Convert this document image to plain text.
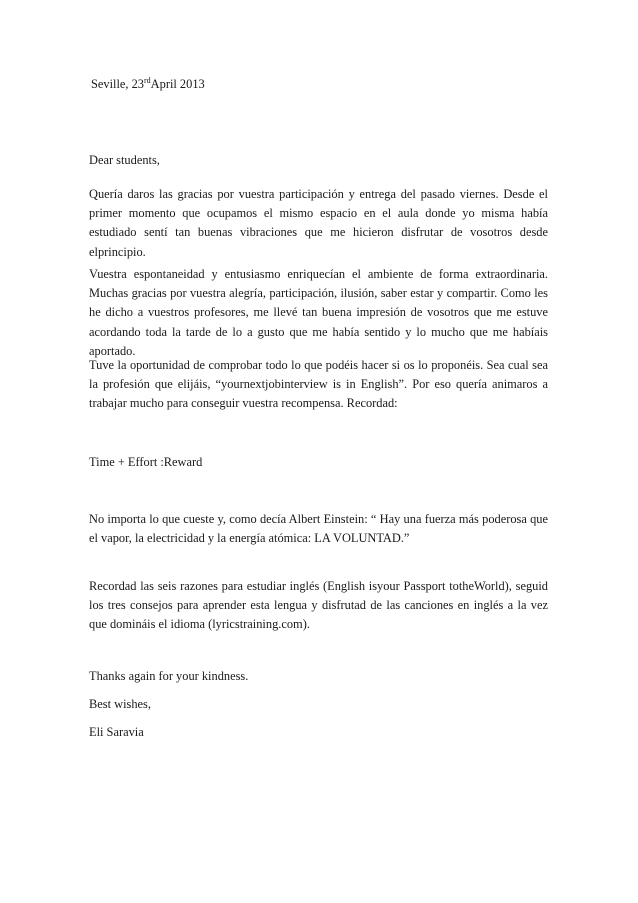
Seville, 23rdApril 2013

Dear students,

Quería daros las gracias por vuestra participación y entrega del pasado viernes. Desde el primer momento que ocupamos el mismo espacio en el aula donde yo misma había estudiado sentí tan buenas vibraciones que me hicieron disfrutar de vosotros desde elprincipio.

Vuestra espontaneidad y entusiasmo enriquecían el ambiente de forma extraordinaria. Muchas gracias por vuestra alegría, participación, ilusión, saber estar y compartir. Como les he dicho a vuestros profesores, me llevé tan buena impresión de vosotros que me estuve acordando toda la tarde de lo a gusto que me había sentido y lo mucho que me habíais aportado.

Tuve la oportunidad de comprobar todo lo que podéis hacer si os lo proponéis. Sea cual sea la profesión que elijáis, “yournextjobinterview is in English”. Por eso quería animaros a trabajar mucho para conseguir vuestra recompensa. Recordad:

Time + Effort :Reward

No importa lo que cueste y, como decía Albert Einstein: “ Hay una fuerza más poderosa que el vapor, la electricidad y la energía atómica: LA VOLUNTAD.”

Recordad las seis razones para estudiar inglés (English isyour Passport totheWorld), seguid los tres consejos para aprender esta lengua y disfrutad de las canciones en inglés a la vez que domináis el idioma (lyricstraining.com).

Thanks again for your kindness.

Best wishes,

Eli Saravia
